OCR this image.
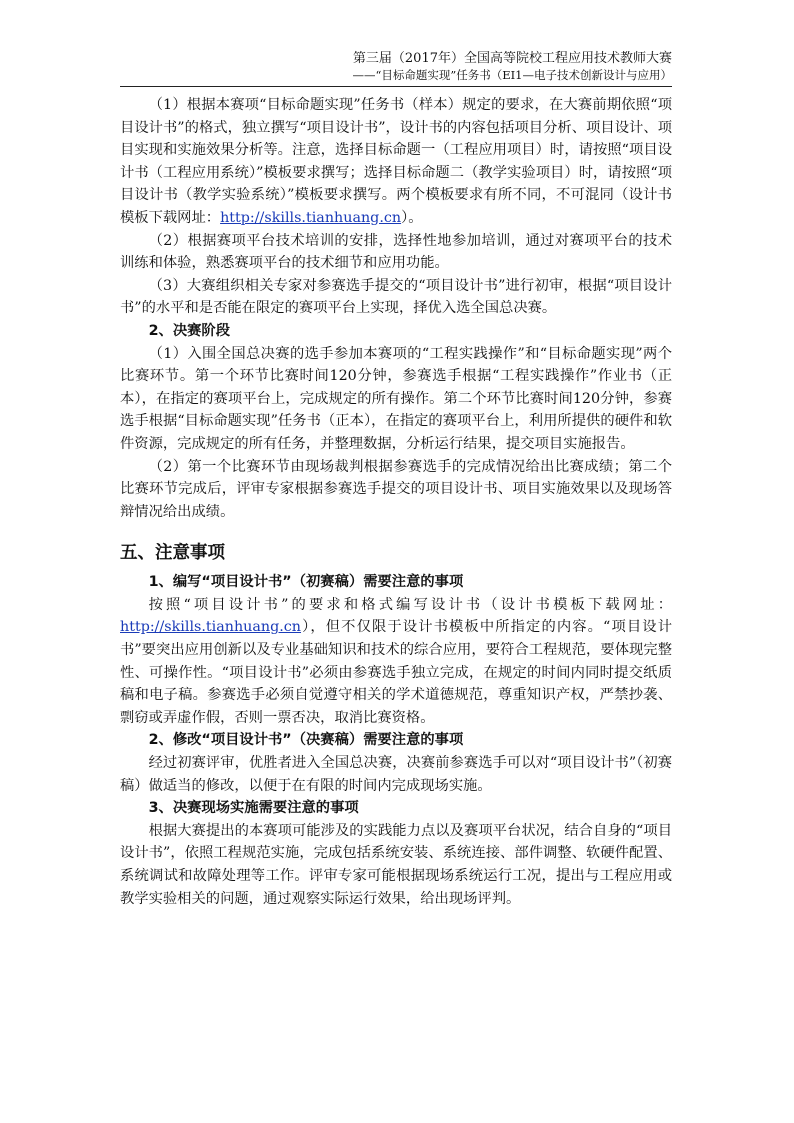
第三届（2017年）全国高等院校工程应用技术教师大赛
——“目标命题实现”任务书（EI1—电子技术创新设计与应用）

（1）根据本赛项“目标命题实现”任务书（样本）规定的要求，在大赛前期依照“项目设计书”的格式，独立撰写“项目设计书”，设计书的内容包括项目分析、项目设计、项目实现和实施效果分析等。注意，选择目标命题一（工程应用项目）时，请按照“项目设计书（工程应用系统）”模板要求撰写；选择目标命题二（教学实验项目）时，请按照“项目设计书（教学实验系统）”模板要求撰写。两个模板要求有所不同，不可混同（设计书模板下载网址：http://skills.tianhuang.cn）。

（2）根据赛项平台技术培训的安排，选择性地参加培训，通过对赛项平台的技术训练和体验，熟悉赛项平台的技术细节和应用功能。

（3）大赛组织相关专家对参赛选手提交的“项目设计书”进行初审，根据“项目设计书”的水平和是否能在限定的赛项平台上实现，择优入选全国总决赛。

2、决赛阶段

（1）入围全国总决赛的选手参加本赛项的“工程实践操作”和“目标命题实现”两个比赛环节。第一个环节比赛时间120分钟，参赛选手根据“工程实践操作”作业书（正本），在指定的赛项平台上，完成规定的所有操作。第二个环节比赛时间120分钟，参赛选手根据“目标命题实现”任务书（正本），在指定的赛项平台上，利用所提供的硬件和软件资源，完成规定的所有任务，并整理数据，分析运行结果，提交项目实施报告。

（2）第一个比赛环节由现场裁判根据参赛选手的完成情况给出比赛成绩；第二个比赛环节完成后，评审专家根据参赛选手提交的项目设计书、项目实施效果以及现场答辩情况给出成绩。

五、注意事项
1、编写“项目设计书”（初赛稿）需要注意的事项

按照“项目设计书”的要求和格式编写设计书（设计书模板下载网址：http://skills.tianhuang.cn），但不仅限于设计书模板中所指定的内容。“项目设计书”要突出应用创新以及专业基础知识和技术的综合应用，要符合工程规范，要体现完整性、可操作性。“项目设计书”必须由参赛选手独立完成，在规定的时间内同时提交纸质稿和电子稿。参赛选手必须自觉遵守相关的学术道德规范，尊重知识产权，严禁抄袭、剽窃或弄虚作假，否则一票否决，取消比赛资格。

2、修改“项目设计书”（决赛稿）需要注意的事项

经过初赛评审，优胜者进入全国总决赛，决赛前参赛选手可以对“项目设计书”（初赛稿）做适当的修改，以便于在有限的时间内完成现场实施。

3、决赛现场实施需要注意的事项

根据大赛提出的本赛项可能涉及的实践能力点以及赛项平台状况，结合自身的“项目设计书”，依照工程规范实施，完成包括系统安装、系统连接、部件调整、软硬件配置、系统调试和故障处理等工作。评审专家可能根据现场系统运行工况，提出与工程应用或教学实验相关的问题，通过观察实际运行效果，给出现场评判。
